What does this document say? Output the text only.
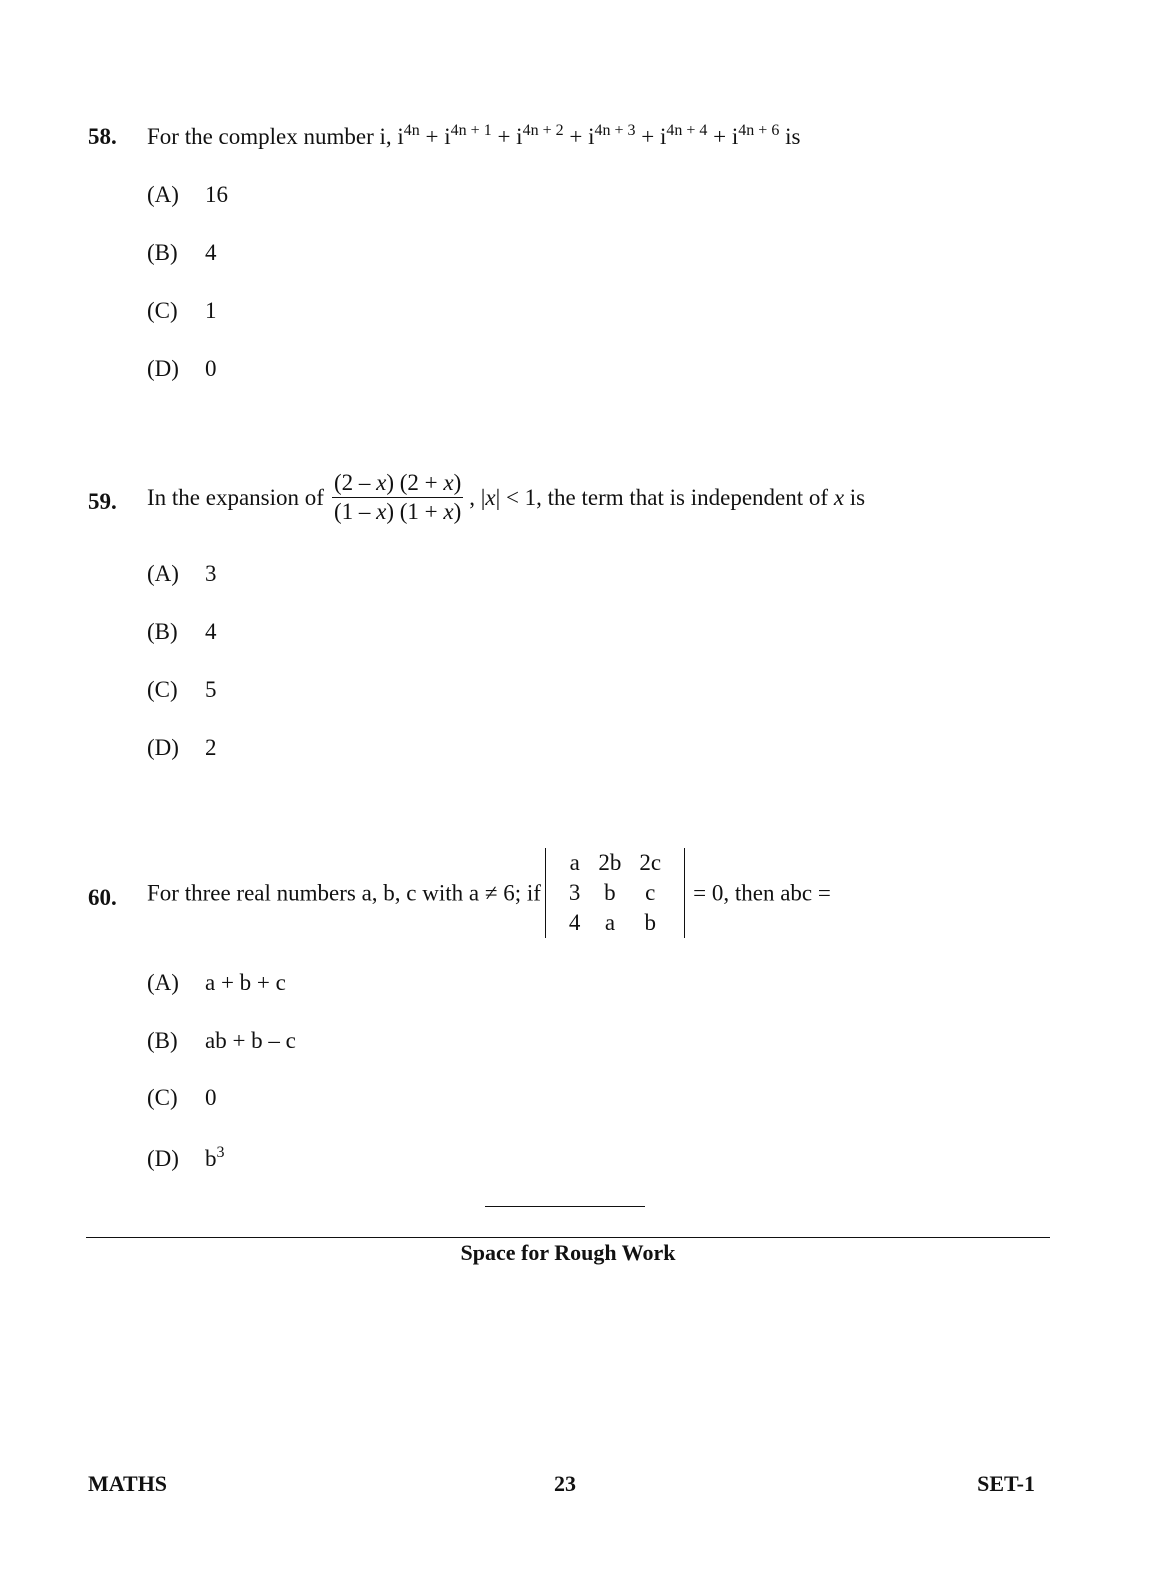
58. For the complex number i, $i^{4n} + i^{4n + 1} + i^{4n + 2} + i^{4n + 3} + i^{4n + 4} + i^{4n + 6}$ is
(A) 16
(B) 4
(C) 1
(D) 0
59. In the expansion of $\frac{(2 - x) (2 + x)}{(1 - x) (1 + x)}$ , |x| < 1, the term that is independent of x is
(A) 3
(B) 4
(C) 5
(D) 2
60. For three real numbers a, b, c with a ≠ 6; if
a	2b	2c
3	b	c
4	a	b
= 0, then abc =
(A) a + b + c
(B) ab + b – c
(C) 0
(D) $b^3$
Space for Rough Work
MATHS	23	SET-1
